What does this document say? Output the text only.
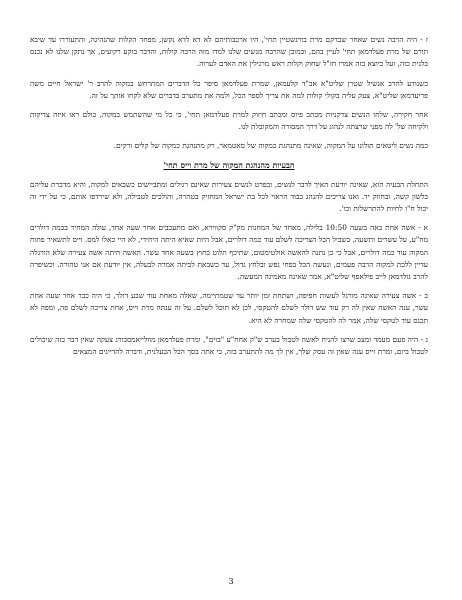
ז - היה הרבה נשים שאחר שבדקם מרת בורנשטיין תחי', היו ארכבותיהם לא דא לדא נקשן, מפחד הקלות שהנהיגה, והתעוררו עד שיבא תורם של מרת פעלדמאן תחי' לעיין בהם, וכמובן שהרבה מנשים שלנו למדו מזה הרבה קולות, והדבר בוקע רקיעים, אך נתקן שלנו לא נכנס בלנית כזה, ועל כיוצא בזה אמרו חז"ל שחוק וקלות ראש מרגילין את האדם לערוה.

כשנודע להרב אנשיל שטרן שליט"א אב"ד קלעמאן, שמרת פעלדמאן סיפר כל הדברים המתרחש במקוה להרב ר' ישראל חיים משה פריעדמאן שליט"א, צעק עליה בקולי קולות למה את צריך לספר הכל, ולמה את מתערב בדברים שלא לקחו אותך על זה.

אחר חקירה, שלחו הנשים צדקניות מכתב פיוס ומכתב חיזוק למרת פעלדמאן תחי', כי כל מי שהשתמש במקוה, כולם ראו איזה צדיקות ולקיחה של' לה מפני שרצתה לנהוג על דרך המסורה והמקובלת לנו.

כמה נשים ליטאים תולונו על המקוה, שאינה מתנהגת כמקוה של סאטמאר, רק מתנהגת כמקוה של קלים ורקים.

הבעיות מהנהגת המקוה של מרת וייס תחי'

התחלת הבעיה הוא, שאינה יודעת האיך לדבר לנשים, ובפרט לנשים צעירות שאינם רגילים ומתביישים כשבאים למקוה, והיא מדברת עליהם בלשון קשה, ובחוזק יד. ואנו צריכים להנהג כבוד הראוי לכל בת ישראל המחזיק בטהרה, והולכים לטבילה, ולא שירדפו אותם, כי על ידי זה יכול ח"ו לחיות להתרשלות וכו'.

א - אשה אחת באה בשעה 10:50 בלילה, מאחד של המחנות מק"ק סקווירא, ואם מתעכבים אחר שעה אחד, עולה המחיר בכמה דולרים מח"ע, על עשרים ותשעה, בשביל הכל הצריכה לשלם עוד כמה דולרים, אבל היות שאיא היתה היחידי, לא היי כאלו למס. וייס לתשאיר פתוח המקוה עוד כמה דולרים, אבל כי כן נתנה להאשה אולטימטום, שתיכף תלוט בחוץ בשעה אחד עשר. האשה היתה אשה צעירה שלא הורגלה עדיין ללכת למקוה הרבה פעמים, ונעשה הכל בפחי נפש ובלחץ גדול, עד כשבאת לביתה אמרה לבעלה, אין יודעת אם אני טהורה. וכשיפרה להרב גולדמאן לייב פילאפף שליט"א, אמר שאינה מאמינה המעשה.

ב - אשה צעירה שאינה מורגל לעשות חפיפה, ושתחת זמן יותר עד שטמתיימה, שאלה מאחת עוד שבע דולר, כי היה כבר אחר שעה אחת עשר, ענה האשה שאין לה רק עוד שש דולר לשלם להטקסי, לכן לא תוכל לשלם. על זה ענתה מרת וייס, אחת צריכה לשלם פה, ומפה לא תכנס עוד לטקסי שלה, אמר לה להטקסי שלה שמחרה לא היא.

ג - היה פעם מעמד ומצב שרצו להניח לאשה לטבול בערב ש"ק אחח"ע "בוים", ומרת פעלדמאן מוולייאמסבורג צעקה שאין דבר כזה שיכולים לטבול ביום, ומרת וייס ענה שאין זה עסק שלך, אין לך מה להתערב בזה, כי אתה בסך הכל הבעלנית, ודברה להדיינים המצאים

3
